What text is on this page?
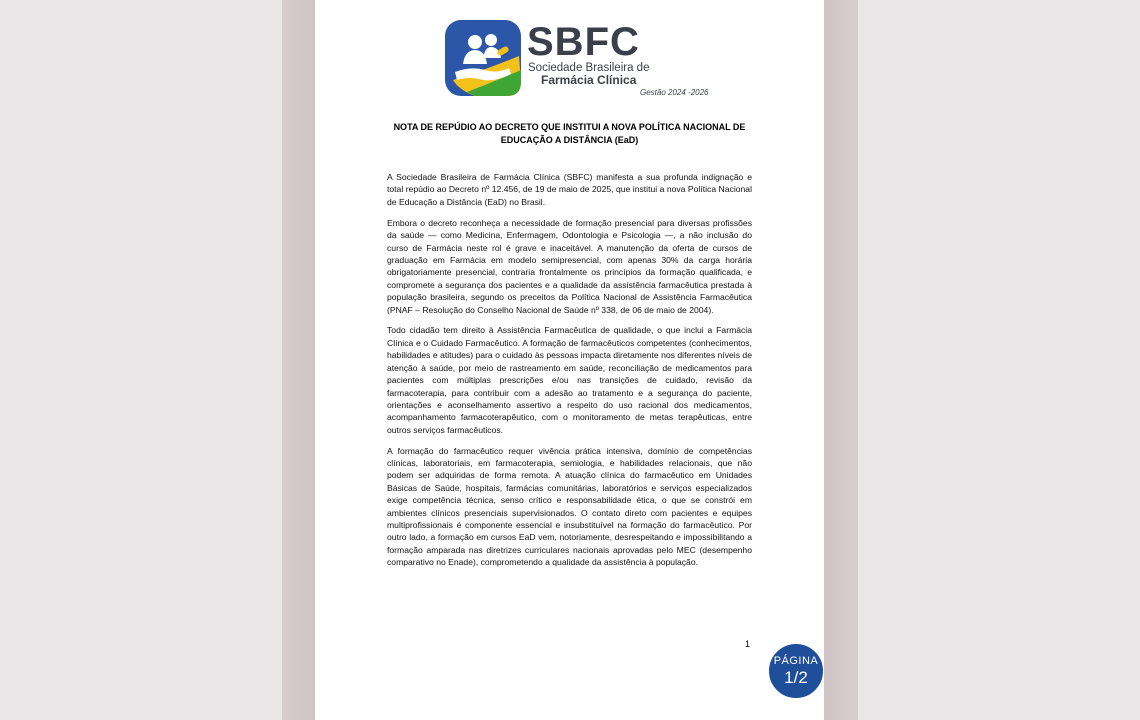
SBFC
Sociedade Brasileira de
Farmácia Clínica
Gestão 2024 -2026
NOTA DE REPÚDIO AO DECRETO QUE INSTITUI A NOVA POLÍTICA NACIONAL DE EDUCAÇÃO A DISTÂNCIA (EaD)

A Sociedade Brasileira de Farmácia Clínica (SBFC) manifesta a sua profunda indignação e total repúdio ao Decreto nº 12.456, de 19 de maio de 2025, que institui a nova Política Nacional de Educação a Distância (EaD) no Brasil.

Embora o decreto reconheça a necessidade de formação presencial para diversas profissões da saúde — como Medicina, Enfermagem, Odontologia e Psicologia —, a não inclusão do curso de Farmácia neste rol é grave e inaceitável. A manutenção da oferta de cursos de graduação em Farmácia em modelo semipresencial, com apenas 30% da carga horária obrigatoriamente presencial, contraria frontalmente os princípios da formação qualificada, e compromete a segurança dos pacientes e a qualidade da assistência farmacêutica prestada à população brasileira, segundo os preceitos da Política Nacional de Assistência Farmacêutica (PNAF – Resolução do Conselho Nacional de Saúde nº 338, de 06 de maio de 2004).

Todo cidadão tem direito à Assistência Farmacêutica de qualidade, o que inclui a Farmácia Clínica e o Cuidado Farmacêutico. A formação de farmacêuticos competentes (conhecimentos, habilidades e atitudes) para o cuidado às pessoas impacta diretamente nos diferentes níveis de atenção à saúde, por meio de rastreamento em saúde, reconciliação de medicamentos para pacientes com múltiplas prescrições e/ou nas transições de cuidado, revisão da farmacoterapia, para contribuir com a adesão ao tratamento e a segurança do paciente, orientações e aconselhamento assertivo a respeito do uso racional dos medicamentos, acompanhamento farmacoterapêutico, com o monitoramento de metas terapêuticas, entre outros serviços farmacêuticos.

A formação do farmacêutico requer vivência prática intensiva, domínio de competências clínicas, laboratoriais, em farmacoterapia, semiologia, e habilidades relacionais, que não podem ser adquiridas de forma remota. A atuação clínica do farmacêutico em Unidades Básicas de Saúde, hospitais, farmácias comunitárias, laboratórios e serviços especializados exige competência técnica, senso crítico e responsabilidade ética, o que se constrói em ambientes clínicos presenciais supervisionados. O contato direto com pacientes e equipes multiprofissionais é componente essencial e insubstituível na formação do farmacêutico. Por outro lado, a formação em cursos EaD vem, notoriamente, desrespeitando e impossibilitando a formação amparada nas diretrizes curriculares nacionais aprovadas pelo MEC (desempenho comparativo no Enade), comprometendo a qualidade da assistência à população.

1
PÁGINA
1/2
